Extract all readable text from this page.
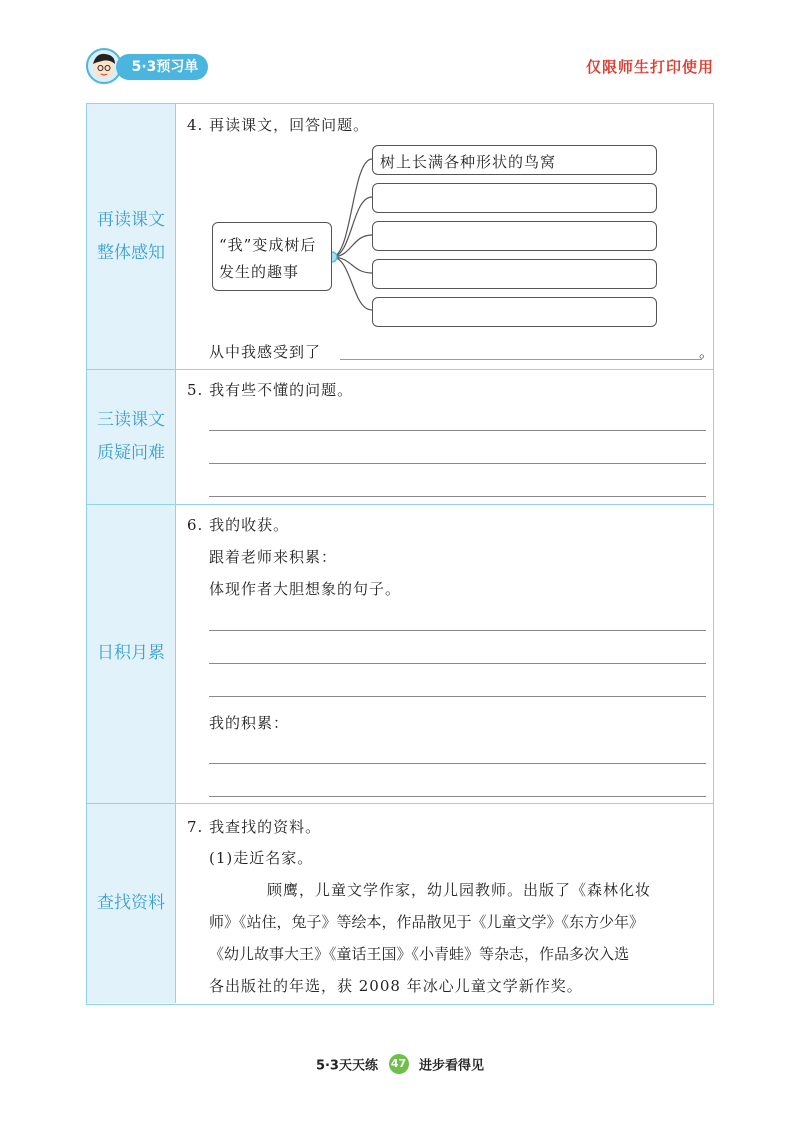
5·3预习单	仅限师生打印使用
再读课文
整体感知
三读课文
质疑问难
日积月累
查找资料
4. 再读课文，回答问题。
“我”变成树后
发生的趣事
树上长满各种形状的鸟窝
从中我感受到了	。
5. 我有些不懂的问题。
6. 我的收获。
跟着老师来积累：
体现作者大胆想象的句子。
我的积累：
7. 我查找的资料。
(1)走近名家。
顾鹰，儿童文学作家，幼儿园教师。出版了《森林化妆
师》《站住，兔子》等绘本，作品散见于《儿童文学》《东方少年》
《幼儿故事大王》《童话王国》《小青蛙》等杂志，作品多次入选
各出版社的年选，获 2008 年冰心儿童文学新作奖。
5·3天天练 47 进步看得见
